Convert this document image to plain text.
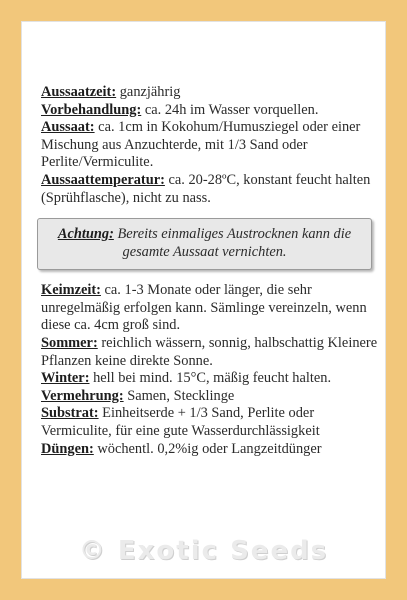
Aussaatzeit: ganzjährig

Vorbehandlung: ca. 24h im Wasser vorquellen.

Aussaat: ca. 1cm in Kokohum/Humusziegel oder einer Mischung aus Anzuchterde, mit 1/3 Sand oder Perlite/Vermiculite.

Aussaattemperatur: ca. 20-28ºC, konstant feucht halten (Sprühflasche), nicht zu nass.

Achtung: Bereits einmaliges Austrocknen kann die gesamte Aussaat vernichten.

Keimzeit: ca. 1-3 Monate oder länger, die sehr unregelmäßig erfolgen kann. Sämlinge vereinzeln, wenn diese ca. 4cm groß sind.

Sommer: reichlich wässern, sonnig, halbschattig Kleinere Pflanzen keine direkte Sonne.

Winter: hell bei mind. 15°C, mäßig feucht halten.

Vermehrung: Samen, Stecklinge

Substrat: Einheitserde + 1/3 Sand, Perlite oder Vermiculite, für eine gute Wasserdurchlässigkeit

Düngen: wöchentl. 0,2%ig oder Langzeitdünger

© Exotic Seeds
